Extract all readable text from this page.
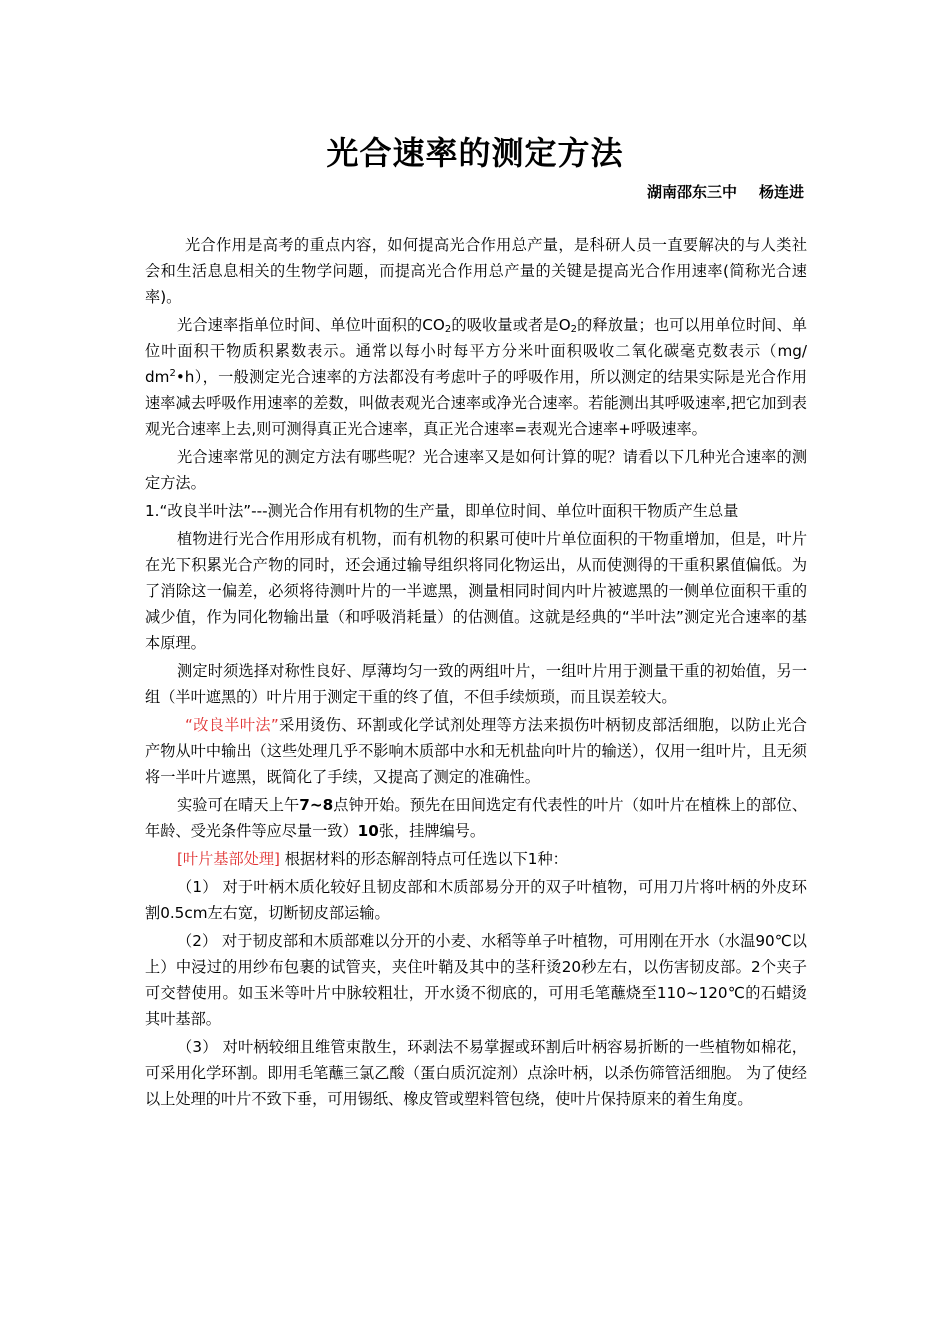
光合速率的测定方法
湖南邵东三中 杨连进

光合作用是高考的重点内容，如何提高光合作用总产量，是科研人员一直要解决的与人类社会和生活息息相关的生物学问题，而提高光合作用总产量的关键是提高光合作用速率(简称光合速率)。

光合速率指单位时间、单位叶面积的$CO_2$的吸收量或者是$O_2$的释放量；也可以用单位时间、单位叶面积干物质积累数表示。通常以每小时每平方分米叶面积吸收二氧化碳毫克数表示（mg/ $dm^2•h$），一般测定光合速率的方法都没有考虑叶子的呼吸作用，所以测定的结果实际是光合作用速率减去呼吸作用速率的差数，叫做表观光合速率或净光合速率。若能测出其呼吸速率,把它加到表观光合速率上去,则可测得真正光合速率，真正光合速率=表观光合速率+呼吸速率。

光合速率常见的测定方法有哪些呢？光合速率又是如何计算的呢？请看以下几种光合速率的测定方法。

1.“改良半叶法”---测光合作用有机物的生产量，即单位时间、单位叶面积干物质产生总量

植物进行光合作用形成有机物，而有机物的积累可使叶片单位面积的干物重增加，但是，叶片在光下积累光合产物的同时，还会通过输导组织将同化物运出，从而使测得的干重积累值偏低。为了消除这一偏差，必须将待测叶片的一半遮黑，测量相同时间内叶片被遮黑的一侧单位面积干重的减少值，作为同化物输出量（和呼吸消耗量）的估测值。这就是经典的“半叶法”测定光合速率的基本原理。

测定时须选择对称性良好、厚薄均匀一致的两组叶片，一组叶片用于测量干重的初始值，另一组（半叶遮黑的）叶片用于测定干重的终了值，不但手续烦琐，而且误差较大。

“改良半叶法”采用烫伤、环割或化学试剂处理等方法来损伤叶柄韧皮部活细胞，以防止光合产物从叶中输出（这些处理几乎不影响木质部中水和无机盐向叶片的输送），仅用一组叶片，且无须将一半叶片遮黑，既简化了手续，又提高了测定的准确性。

实验可在晴天上午7~8点钟开始。预先在田间选定有代表性的叶片（如叶片在植株上的部位、年龄、受光条件等应尽量一致）10张，挂牌编号。

[叶片基部处理] 根据材料的形态解剖特点可任选以下1种：

（1） 对于叶柄木质化较好且韧皮部和木质部易分开的双子叶植物，可用刀片将叶柄的外皮环割0.5cm左右宽，切断韧皮部运输。

（2） 对于韧皮部和木质部难以分开的小麦、水稻等单子叶植物，可用刚在开水（水温90℃以上）中浸过的用纱布包裹的试管夹，夹住叶鞘及其中的茎秆烫20秒左右，以伤害韧皮部。2个夹子可交替使用。如玉米等叶片中脉较粗壮，开水烫不彻底的，可用毛笔蘸烧至110~120℃的石蜡烫其叶基部。

（3） 对叶柄较细且维管束散生，环剥法不易掌握或环割后叶柄容易折断的一些植物如棉花，可采用化学环割。即用毛笔蘸三氯乙酸（蛋白质沉淀剂）点涂叶柄，以杀伤筛管活细胞。 为了使经以上处理的叶片不致下垂，可用锡纸、橡皮管或塑料管包绕，使叶片保持原来的着生角度。
